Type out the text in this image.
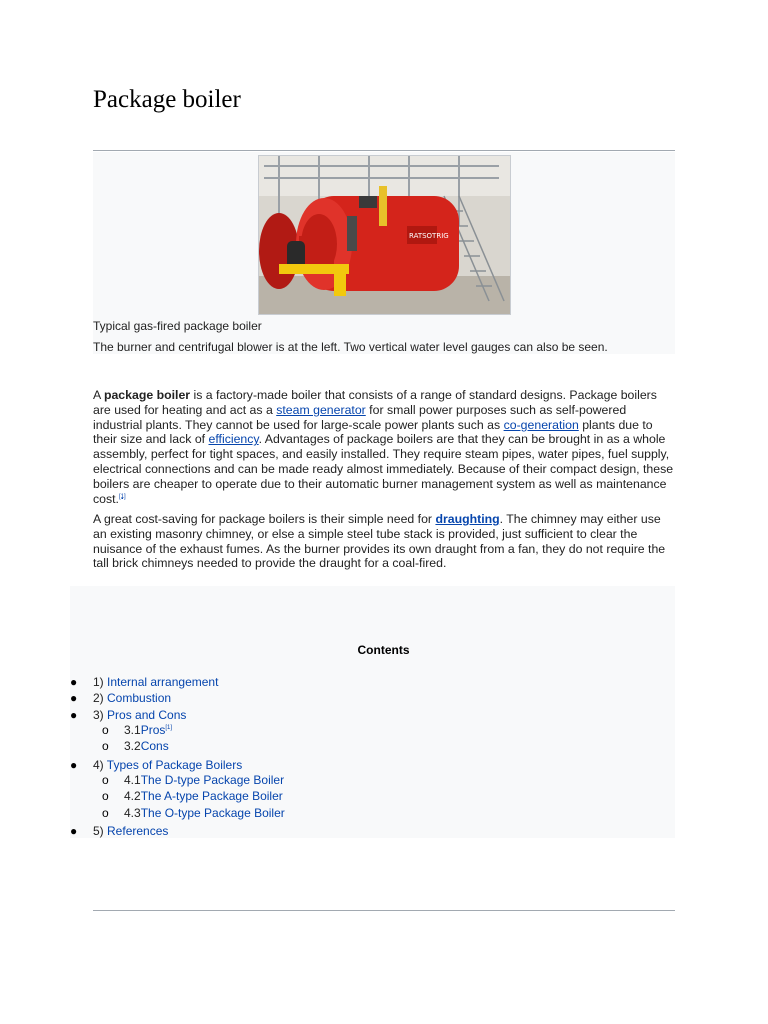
Package boiler
RATSOTRIG
Typical gas-fired package boiler
The burner and centrifugal blower is at the left. Two vertical water level gauges can also be seen.

A package boiler is a factory-made boiler that consists of a range of standard designs. Package boilers are used for heating and act as a steam generator for small power purposes such as self-powered industrial plants. They cannot be used for large-scale power plants such as co-generation plants due to their size and lack of efficiency. Advantages of package boilers are that they can be brought in as a whole assembly, perfect for tight spaces, and easily installed. They require steam pipes, water pipes, fuel supply, electrical connections and can be made ready almost immediately. Because of their compact design, these boilers are cheaper to operate due to their automatic burner management system as well as maintenance cost.[1]

A great cost-saving for package boilers is their simple need for draughting. The chimney may either use an existing masonry chimney, or else a simple steel tube stack is provided, just sufficient to clear the nuisance of the exhaust fumes. As the burner provides its own draught from a fan, they do not require the tall brick chimneys needed to provide the draught for a coal-fired.

Contents
● 1) Internal arrangement
● 2) Combustion
● 3) Pros and Cons
o 3.1Pros[1]
o 3.2Cons
● 4) Types of Package Boilers
o 4.1The D-type Package Boiler
o 4.2The A-type Package Boiler
o 4.3The O-type Package Boiler
● 5) References
